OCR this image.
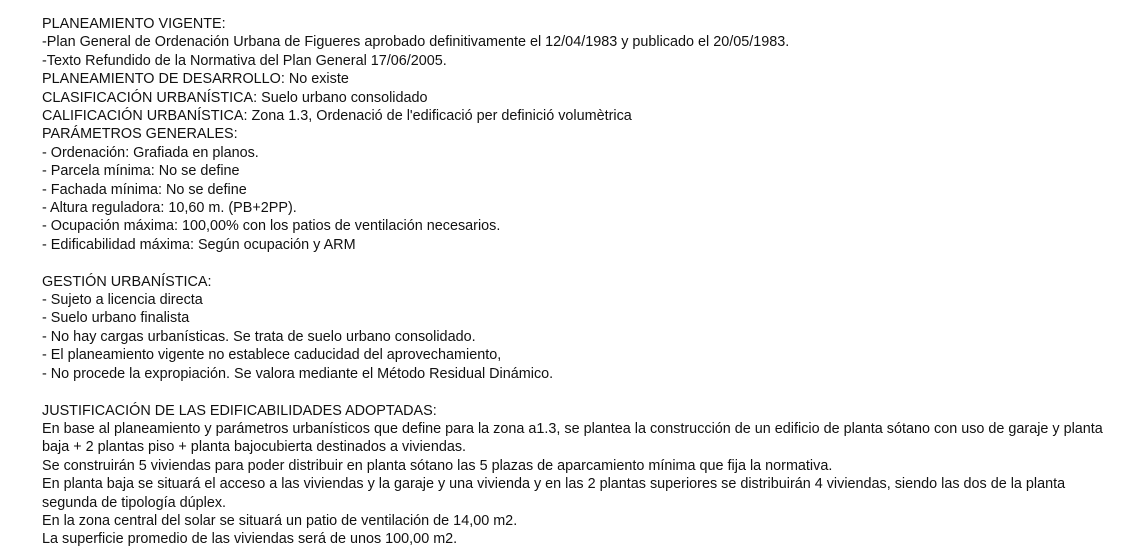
PLANEAMIENTO VIGENTE:
-Plan General de Ordenación Urbana de Figueres aprobado definitivamente el 12/04/1983 y publicado el 20/05/1983.
-Texto Refundido de la Normativa del Plan General 17/06/2005.
PLANEAMIENTO DE DESARROLLO: No existe
CLASIFICACIÓN URBANÍSTICA: Suelo urbano consolidado
CALIFICACIÓN URBANÍSTICA: Zona 1.3, Ordenació de l'edificació per definició volumètrica
PARÁMETROS GENERALES:
- Ordenación: Grafiada en planos.
- Parcela mínima: No se define
- Fachada mínima: No se define
- Altura reguladora: 10,60 m. (PB+2PP).
- Ocupación máxima: 100,00% con los patios de ventilación necesarios.
- Edificabilidad máxima: Según ocupación y ARM
GESTIÓN URBANÍSTICA:
- Sujeto a licencia directa
- Suelo urbano finalista
- No hay cargas urbanísticas. Se trata de suelo urbano consolidado.
- El planeamiento vigente no establece caducidad del aprovechamiento,
- No procede la expropiación. Se valora mediante el Método Residual Dinámico.
JUSTIFICACIÓN DE LAS EDIFICABILIDADES ADOPTADAS:
En base al planeamiento y parámetros urbanísticos que define para la zona a1.3, se plantea la construcción de un edificio de planta sótano con uso de garaje y planta baja + 2 plantas piso + planta bajocubierta destinados a viviendas.
Se construirán 5 viviendas para poder distribuir en planta sótano las 5 plazas de aparcamiento mínima que fija la normativa.
En planta baja se situará el acceso a las viviendas y la garaje y una vivienda y en las 2 plantas superiores se distribuirán 4 viviendas, siendo las dos de la planta segunda de tipología dúplex.
En la zona central del solar se situará un patio de ventilación de 14,00 m2.
La superficie promedio de las viviendas será de unos 100,00 m2.
